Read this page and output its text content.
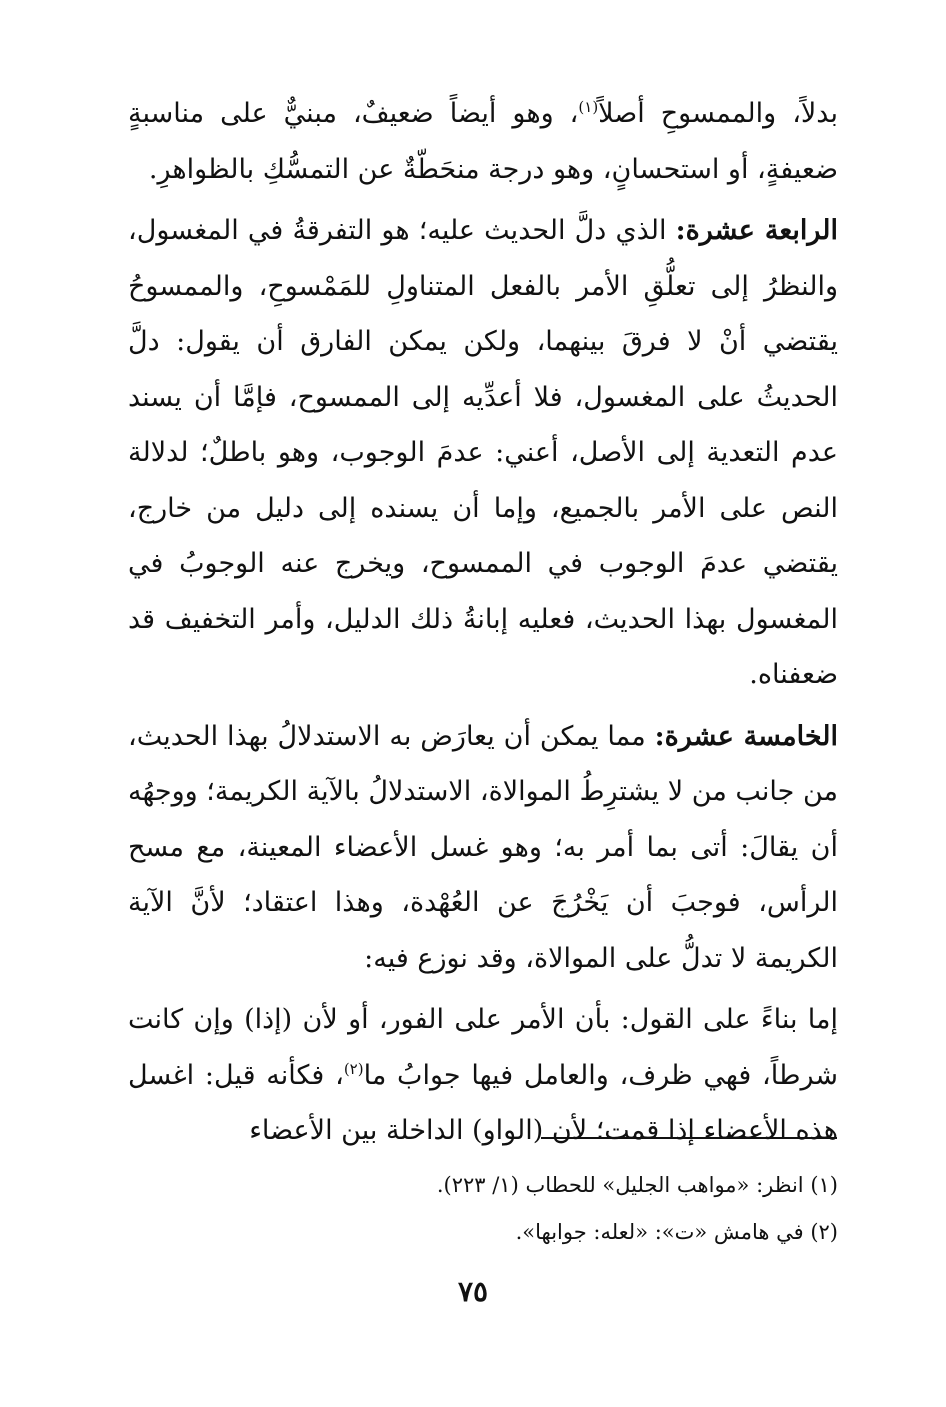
بدلاً، والممسوحِ أصلاً$^{(١)}$، وهو أيضاً ضعيفٌ، مبنيٌّ على مناسبةٍ ضعيفةٍ، أو استحسانٍ، وهو درجة منحَطّةٌ عن التمسُّكِ بالظواهرِ.

الرابعة عشرة: الذي دلَّ الحديث عليه؛ هو التفرقةُ في المغسول، والنظرُ إلى تعلُّقِ الأمر بالفعل المتناولِ للمَمْسوحِ، والممسوحُ يقتضي أنْ لا فرقَ بينهما، ولكن يمكن الفارق أن يقول: دلَّ الحديثُ على المغسول، فلا أعدِّيه إلى الممسوح، فإمَّا أن يسند عدم التعدية إلى الأصل، أعني: عدمَ الوجوب، وهو باطلٌ؛ لدلالة النص على الأمر بالجميع، وإما أن يسنده إلى دليل من خارج، يقتضي عدمَ الوجوب في الممسوح، ويخرج عنه الوجوبُ في المغسول بهذا الحديث، فعليه إبانةُ ذلك الدليل، وأمر التخفيف قد ضعفناه.

الخامسة عشرة: مما يمكن أن يعارَض به الاستدلالُ بهذا الحديث، من جانب من لا يشترِطُ الموالاة، الاستدلالُ بالآية الكريمة؛ ووجهُه أن يقالَ: أتى بما أمر به؛ وهو غسل الأعضاء المعينة، مع مسح الرأس، فوجبَ أن يَخْرُجَ عن العُهْدة، وهذا اعتقاد؛ لأنَّ الآية الكريمة لا تدلُّ على الموالاة، وقد نوزع فيه:

إما بناءً على القول: بأن الأمر على الفور، أو لأن (إذا) وإن كانت شرطاً، فهي ظرف، والعامل فيها جوابُ ما$^{(٢)}$، فكأنه قيل: اغسل هذه الأعضاء إذا قمت؛ لأن (الواو) الداخلة بين الأعضاء

(١) انظر: «مواهب الجليل» للحطاب (١/ ٢٢٣).

(٢) في هامش «ت»: «لعله: جوابها».

٧٥
